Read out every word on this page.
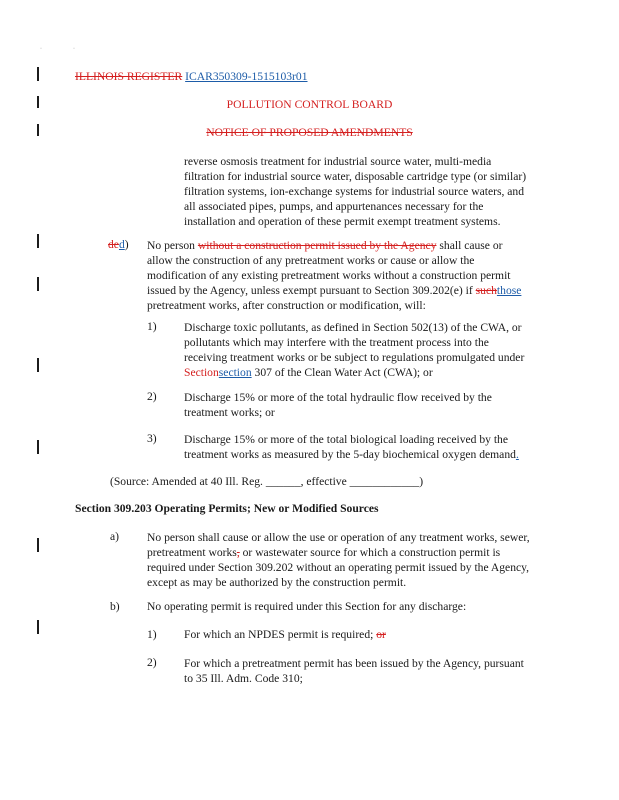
·	·
ILLINOIS REGISTER ICAR350309-1515103r01
POLLUTION CONTROL BOARD
NOTICE OF PROPOSED AMENDMENTS
reverse osmosis treatment for industrial source water, multi-media
filtration for industrial source water, disposable cartridge type (or similar)
filtration systems, ion-exchange systems for industrial source waters, and
all associated pipes, pumps, and appurtenances necessary for the
installation and operation of these permit exempt treatment systems.
ded) No person without a construction permit issued by the Agency shall cause or
allow the construction of any pretreatment works or cause or allow the
modification of any existing pretreatment works without a construction permit
issued by the Agency, unless exempt pursuant to Section 309.202(e) if suchthose
pretreatment works, after construction or modification, will:
1) Discharge toxic pollutants, as defined in Section 502(13) of the CWA, or
pollutants which may interfere with the treatment process into the
receiving treatment works or be subject to regulations promulgated under
Sectionsection 307 of the Clean Water Act (CWA); or
2) Discharge 15% or more of the total hydraulic flow received by the
treatment works; or
3) Discharge 15% or more of the total biological loading received by the
treatment works as measured by the 5-day biochemical oxygen demand.
(Source: Amended at 40 Ill. Reg. ______, effective ____________)
Section 309.203 Operating Permits; New or Modified Sources
a) No person shall cause or allow the use or operation of any treatment works, sewer,
pretreatment works, or wastewater source for which a construction permit is
required under Section 309.202 without an operating permit issued by the Agency,
except as may be authorized by the construction permit.
b) No operating permit is required under this Section for any discharge:
1) For which an NPDES permit is required; or
2) For which a pretreatment permit has been issued by the Agency, pursuant
to 35 Ill. Adm. Code 310;
